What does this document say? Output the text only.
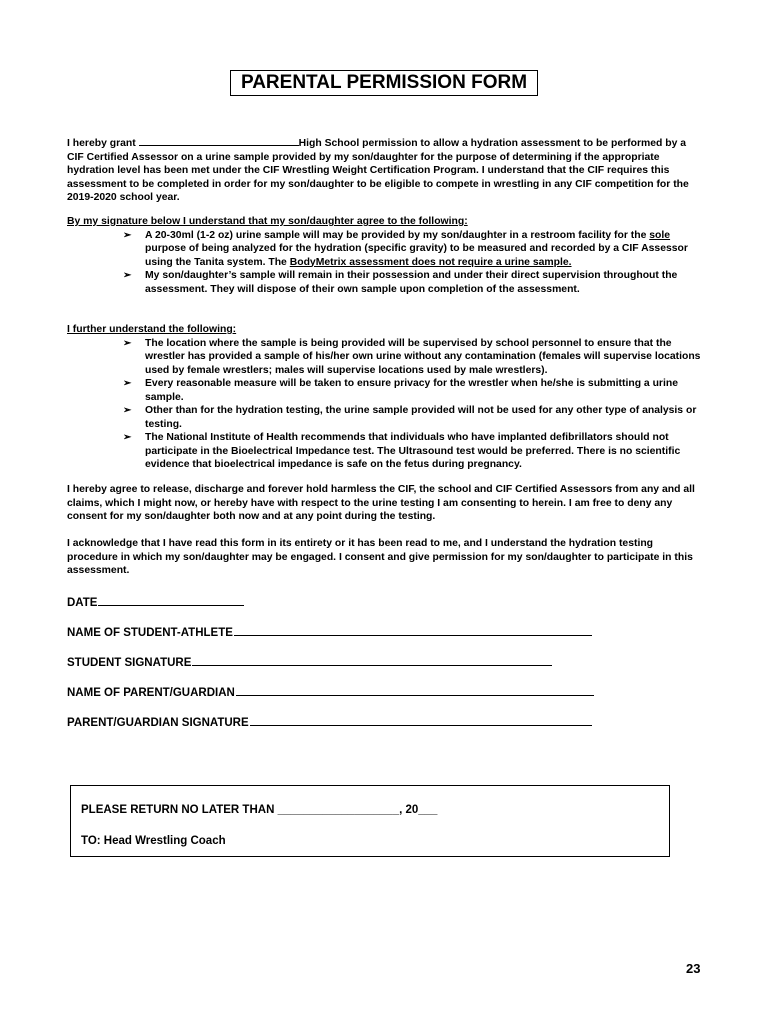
PARENTAL PERMISSION FORM
I hereby grant	High School permission to allow a hydration assessment to be performed by a CIF Certified Assessor on a urine sample provided by my son/daughter for the purpose of determining if the appropriate hydration level has been met under the CIF Wrestling Weight Certification Program. I understand that the CIF requires this assessment to be completed in order for my son/daughter to be eligible to compete in wrestling in any CIF competition for the 2019-2020 school year.
By my signature below I understand that my son/daughter agree to the following:
➢ A 20-30ml (1-2 oz) urine sample will may be provided by my son/daughter in a restroom facility for the sole purpose of being analyzed for the hydration (specific gravity) to be measured and recorded by a CIF Assessor using the Tanita system. The BodyMetrix assessment does not require a urine sample.
➢ My son/daughter’s sample will remain in their possession and under their direct supervision throughout the assessment. They will dispose of their own sample upon completion of the assessment.
I further understand the following:
➢ The location where the sample is being provided will be supervised by school personnel to ensure that the wrestler has provided a sample of his/her own urine without any contamination (females will supervise locations used by female wrestlers; males will supervise locations used by male wrestlers).
➢ Every reasonable measure will be taken to ensure privacy for the wrestler when he/she is submitting a urine sample.
➢ Other than for the hydration testing, the urine sample provided will not be used for any other type of analysis or testing.
➢ The National Institute of Health recommends that individuals who have implanted defibrillators should not participate in the Bioelectrical Impedance test. The Ultrasound test would be preferred. There is no scientific evidence that bioelectrical impedance is safe on the fetus during pregnancy.
I hereby agree to release, discharge and forever hold harmless the CIF, the school and CIF Certified Assessors from any and all claims, which I might now, or hereby have with respect to the urine testing I am consenting to herein. I am free to deny any consent for my son/daughter both now and at any point during the testing.
I acknowledge that I have read this form in its entirety or it has been read to me, and I understand the hydration testing procedure in which my son/daughter may be engaged. I consent and give permission for my son/daughter to participate in this assessment.
DATE
NAME OF STUDENT-ATHLETE
STUDENT SIGNATURE
NAME OF PARENT/GUARDIAN
PARENT/GUARDIAN SIGNATURE
PLEASE RETURN NO LATER THAN ___________________, 20___
TO: Head Wrestling Coach
23
